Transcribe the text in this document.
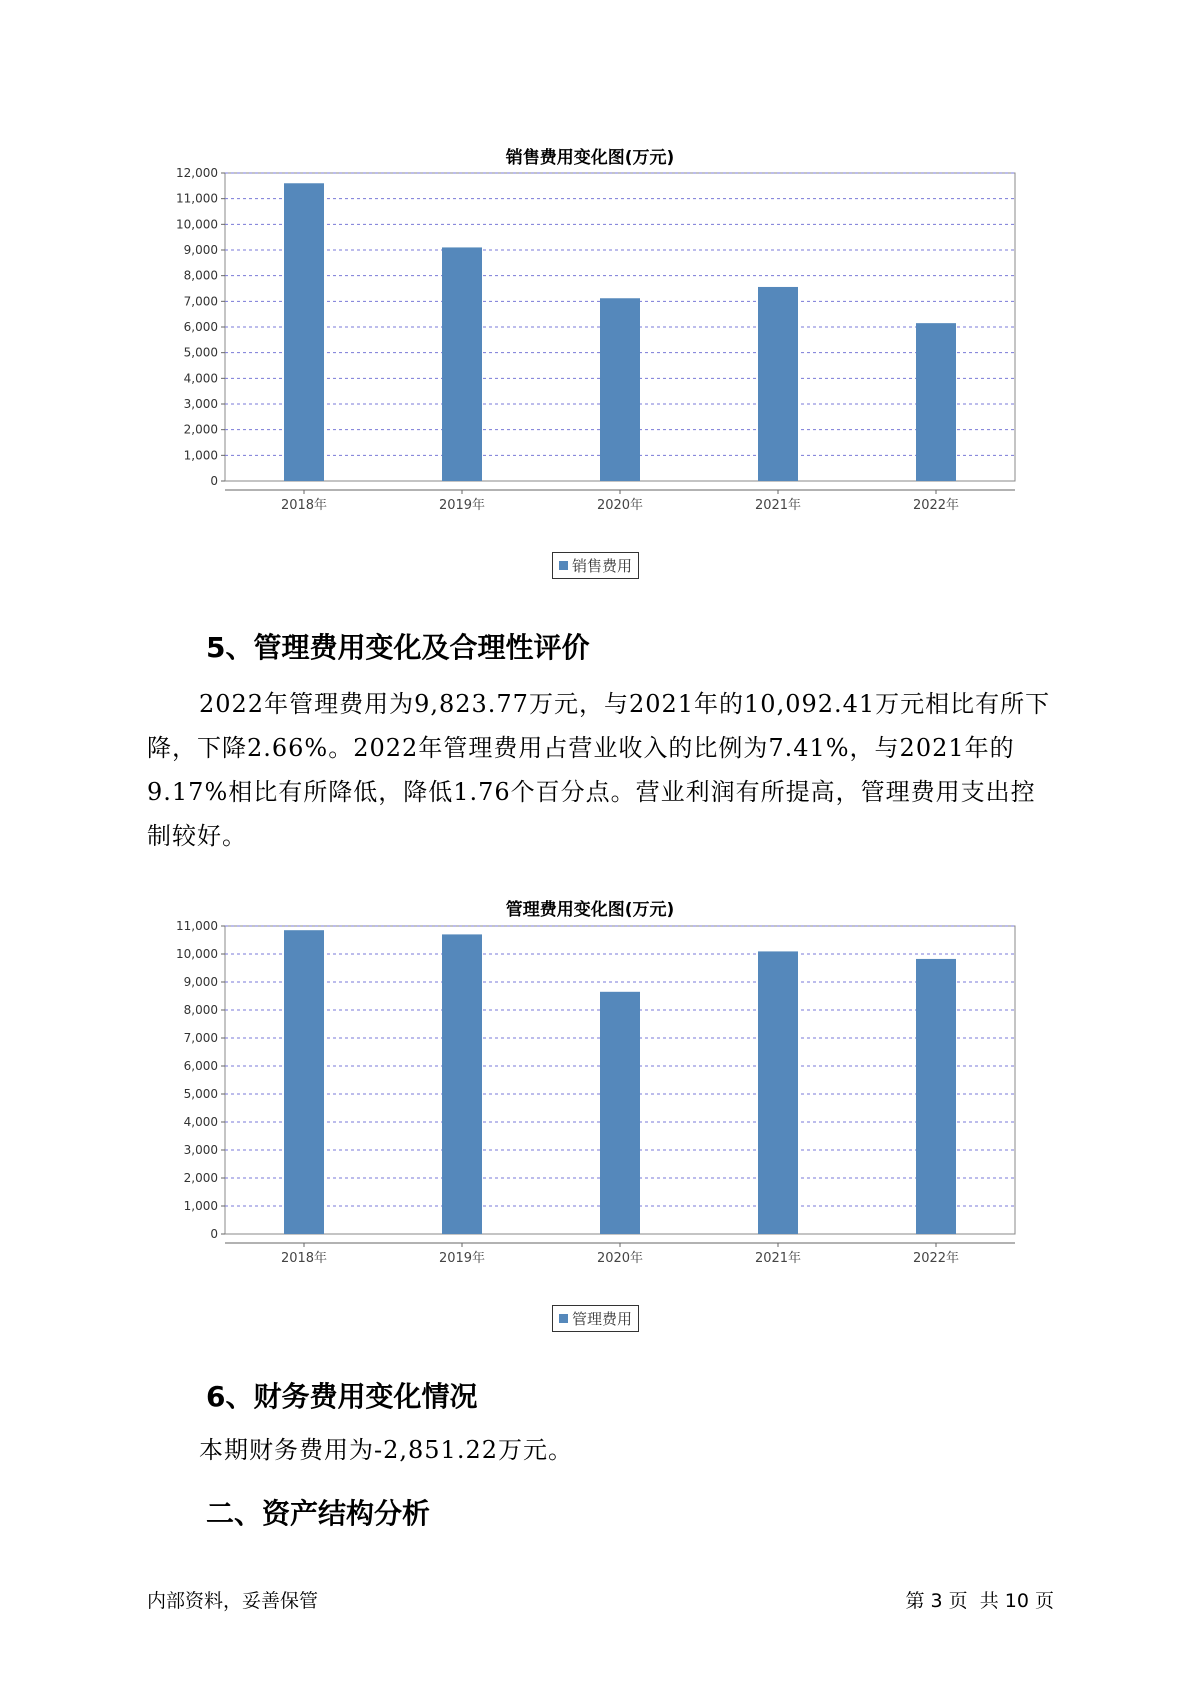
销售费用变化图(万元)
0
1,000
2,000
3,000
4,000
5,000
6,000
7,000
8,000
9,000
10,000
11,000
12,000
2018年	2019年	2020年	2021年	2022年
销售费用
5、管理费用变化及合理性评价
2022年管理费用为9,823.77万元，与2021年的10,092.41万元相比有所下降，下降2.66%。2022年管理费用占营业收入的比例为7.41%，与2021年的9.17%相比有所降低，降低1.76个百分点。营业利润有所提高，管理费用支出控制较好。
管理费用变化图(万元)
0
1,000
2,000
3,000
4,000
5,000
6,000
7,000
8,000
9,000
10,000
11,000
2018年	2019年	2020年	2021年	2022年
管理费用
6、财务费用变化情况
本期财务费用为-2,851.22万元。
二、资产结构分析
内部资料，妥善保管	第 3 页  共 10 页
